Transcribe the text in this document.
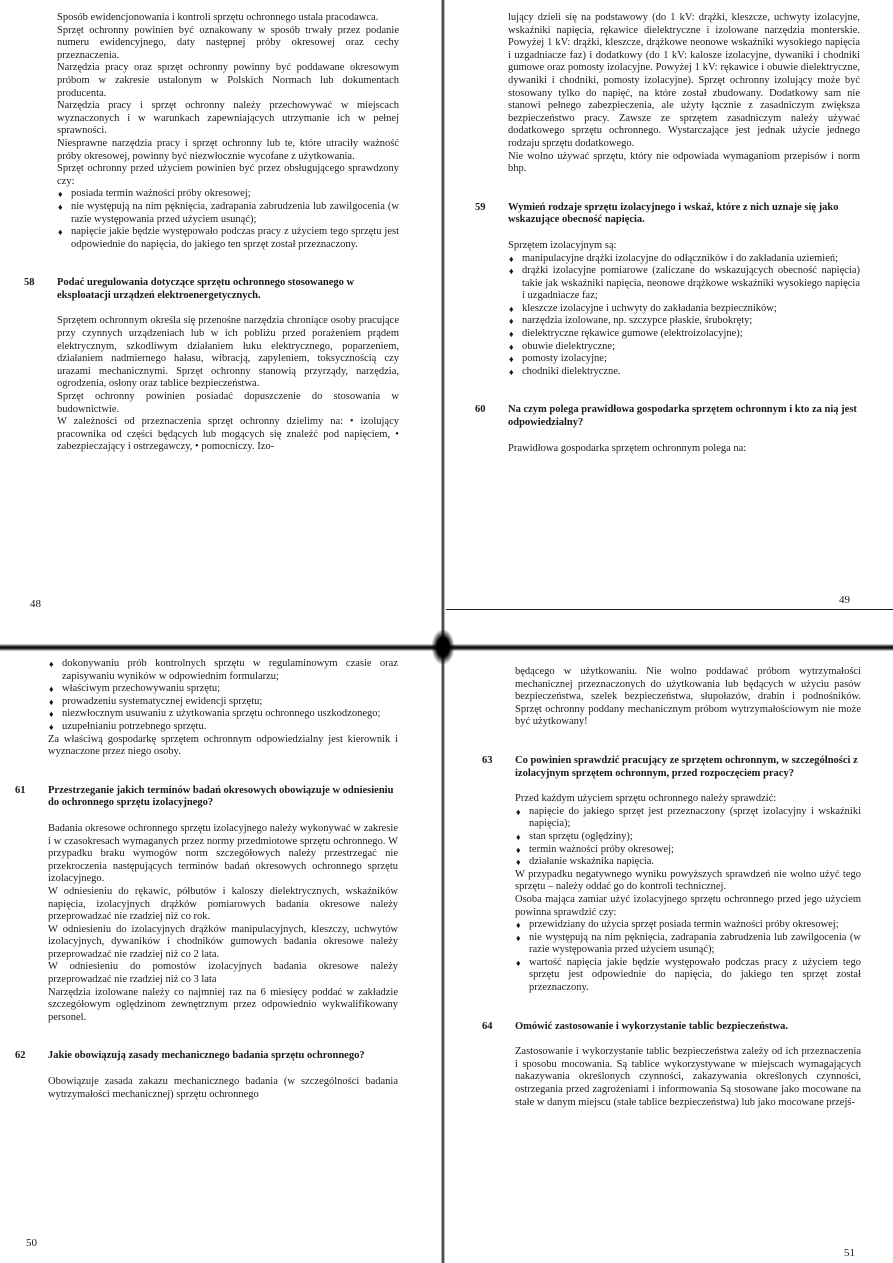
Sposób ewidencjonowania i kontroli sprzętu ochronnego ustala pracodawca.

Sprzęt ochronny powinien być oznakowany w sposób trwały przez podanie numeru ewidencyjnego, daty następnej próby okresowej oraz cechy przeznaczenia.

Narzędzia pracy oraz sprzęt ochronny powinny być poddawane okresowym próbom w zakresie ustalonym w Polskich Normach lub dokumentach producenta.

Narzędzia pracy i sprzęt ochronny należy przechowywać w miejscach wyznaczonych i w warunkach zapewniających utrzymanie ich w pełnej sprawności.

Niesprawne narzędzia pracy i sprzęt ochronny lub te, które utraciły ważność próby okresowej, powinny być niezwłocznie wycofane z użytkowania.

Sprzęt ochronny przed użyciem powinien być przez obsługującego sprawdzony czy:

♦ posiada termin ważności próby okresowej;
♦ nie występują na nim pęknięcia, zadrapania zabrudzenia lub zawilgocenia (w razie występowania przed użyciem usunąć);
♦ napięcie jakie będzie występowało podczas pracy z użyciem tego sprzętu jest odpowiednie do napięcia, do jakiego ten sprzęt został przeznaczony.
58	Podać uregulowania dotyczące sprzętu ochronnego stosowanego w eksploatacji urządzeń elektroenergetycznych.

Sprzętem ochronnym określa się przenośne narzędzia chroniące osoby pracujące przy czynnych urządzeniach lub w ich pobliżu przed porażeniem prądem elektrycznym, szkodliwym działaniem łuku elektrycznego, poparzeniem, działaniem nadmiernego hałasu, wibracją, zapyleniem, toksycznością czy urazami mechanicznymi. Sprzęt ochronny stanowią przyrządy, narzędzia, ogrodzenia, osłony oraz tablice bezpieczeństwa.

Sprzęt ochronny powinien posiadać dopuszczenie do stosowania w budownictwie.

W zależności od przeznaczenia sprzęt ochronny dzielimy na: • izolujący pracownika od części będących lub mogących się znaleźć pod napięciem, • zabezpieczający i ostrzegawczy, • pomocniczy. Izo-

48

lujący dzieli się na podstawowy (do 1 kV: drążki, kleszcze, uchwyty izolacyjne, wskaźniki napięcia, rękawice dielektryczne i izolowane narzędzia monterskie. Powyżej 1 kV: drążki, kleszcze, drążkowe neonowe wskaźniki wysokiego napięcia i uzgadniacze faz) i dodatkowy (do 1 kV: kalosze izolacyjne, dywaniki i chodniki gumowe oraz pomosty izolacyjne. Powyżej 1 kV: rękawice i obuwie dielektryczne, dywaniki i chodniki, pomosty izolacyjne). Sprzęt ochronny izolujący może być stosowany tylko do napięć, na które został zbudowany. Dodatkowy sam nie stanowi pełnego zabezpieczenia, ale użyty łącznie z zasadniczym zwiększa bezpieczeństwo pracy. Zawsze ze sprzętem zasadniczym należy używać dodatkowego sprzętu ochronnego. Wystarczające jest jednak użycie jednego rodzaju sprzętu dodatkowego.

Nie wolno używać sprzętu, który nie odpowiada wymaganiom przepisów i norm bhp.

59	Wymień rodzaje sprzętu izolacyjnego i wskaż, które z nich uznaje się jako wskazujące obecność napięcia.

Sprzętem izolacyjnym są:

♦ manipulacyjne drążki izolacyjne do odłączników i do zakładania uziemień;
♦ drążki izolacyjne pomiarowe (zaliczane do wskazujących obecność napięcia) takie jak wskaźniki napięcia, neonowe drążkowe wskaźniki wysokiego napięcia i uzgadniacze faz;
♦ kleszcze izolacyjne i uchwyty do zakładania bezpieczników;
♦ narzędzia izolowane, np. szczypce płaskie, śrubokręty;
♦ dielektryczne rękawice gumowe (elektroizolacyjne);
♦ obuwie dielektryczne;
♦ pomosty izolacyjne;
♦ chodniki dielektryczne.
60	Na czym polega prawidłowa gospodarka sprzętem ochronnym i kto za nią jest odpowiedzialny?

Prawidłowa gospodarka sprzętem ochronnym polega na:

49
♦ dokonywaniu prób kontrolnych sprzętu w regulaminowym czasie oraz zapisywaniu wyników w odpowiednim formularzu;
♦ właściwym przechowywaniu sprzętu;
♦ prowadzeniu systematycznej ewidencji sprzętu;
♦ niezwłocznym usuwaniu z użytkowania sprzętu ochronnego uszkodzonego;
♦ uzupełnianiu potrzebnego sprzętu.

Za właściwą gospodarkę sprzętem ochronnym odpowiedzialny jest kierownik i wyznaczone przez niego osoby.

61	Przestrzeganie jakich terminów badań okresowych obowiązuje w odniesieniu do ochronnego sprzętu izolacyjnego?

Badania okresowe ochronnego sprzętu izolacyjnego należy wykonywać w zakresie i w czasokresach wymaganych przez normy przedmiotowe sprzętu ochronnego. W przypadku braku wymogów norm szczegółowych należy przestrzegać nie przekroczenia następujących terminów badań okresowych ochronnego sprzętu izolacyjnego.

W odniesieniu do rękawic, półbutów i kaloszy dielektrycznych, wskaźników napięcia, izolacyjnych drążków pomiarowych badania okresowe należy przeprowadzać nie rzadziej niż co rok.

W odniesieniu do izolacyjnych drążków manipulacyjnych, kleszczy, uchwytów izolacyjnych, dywaników i chodników gumowych badania okresowe należy przeprowadzać nie rzadziej niż co 2 lata.

W odniesieniu do pomostów izolacyjnych badania okresowe należy przeprowadzać nie rzadziej niż co 3 lata

Narzędzia izolowane należy co najmniej raz na 6 miesięcy poddać w zakładzie szczegółowym oględzinom zewnętrznym przez odpowiednio wykwalifikowany personel.

62	Jakie obowiązują zasady mechanicznego badania sprzętu ochronnego?

Obowiązuje zasada zakazu mechanicznego badania (w szczególności badania wytrzymałości mechanicznej) sprzętu ochronnego

50

będącego w użytkowaniu. Nie wolno poddawać próbom wytrzymałości mechanicznej przeznaczonych do użytkowania lub będących w użyciu pasów bezpieczeństwa, szelek bezpieczeństwa, słupołazów, drabin i podnośników. Sprzęt ochronny poddany mechanicznym próbom wytrzymałościowym nie może być użytkowany!

63	Co powinien sprawdzić pracujący ze sprzętem ochronnym, w szczególności z izolacyjnym sprzętem ochronnym, przed rozpoczęciem pracy?

Przed każdym użyciem sprzętu ochronnego należy sprawdzić:

♦ napięcie do jakiego sprzęt jest przeznaczony (sprzęt izolacyjny i wskaźniki napięcia);
♦ stan sprzętu (oględziny);
♦ termin ważności próby okresowej;
♦ działanie wskaźnika napięcia.

W przypadku negatywnego wyniku powyższych sprawdzeń nie wolno użyć tego sprzętu – należy oddać go do kontroli technicznej.

Osoba mająca zamiar użyć izolacyjnego sprzętu ochronnego przed jego użyciem powinna sprawdzić czy:

♦ przewidziany do użycia sprzęt posiada termin ważności próby okresowej;
♦ nie występują na nim pęknięcia, zadrapania zabrudzenia lub zawilgocenia (w razie występowania przed użyciem usunąć);
♦ wartość napięcia jakie będzie występowało podczas pracy z użyciem tego sprzętu jest odpowiednie do napięcia, do jakiego ten sprzęt został przeznaczony.
64	Omówić zastosowanie i wykorzystanie tablic bezpieczeństwa.

Zastosowanie i wykorzystanie tablic bezpieczeństwa zależy od ich przeznaczenia i sposobu mocowania. Są tablice wykorzystywane w miejscach wymagających nakazywania określonych czynności, zakazywania określonych czynności, ostrzegania przed zagrożeniami i informowania Są stosowane jako mocowane na stałe w danym miejscu (stałe tablice bezpieczeństwa) lub jako mocowane przejś-

51
